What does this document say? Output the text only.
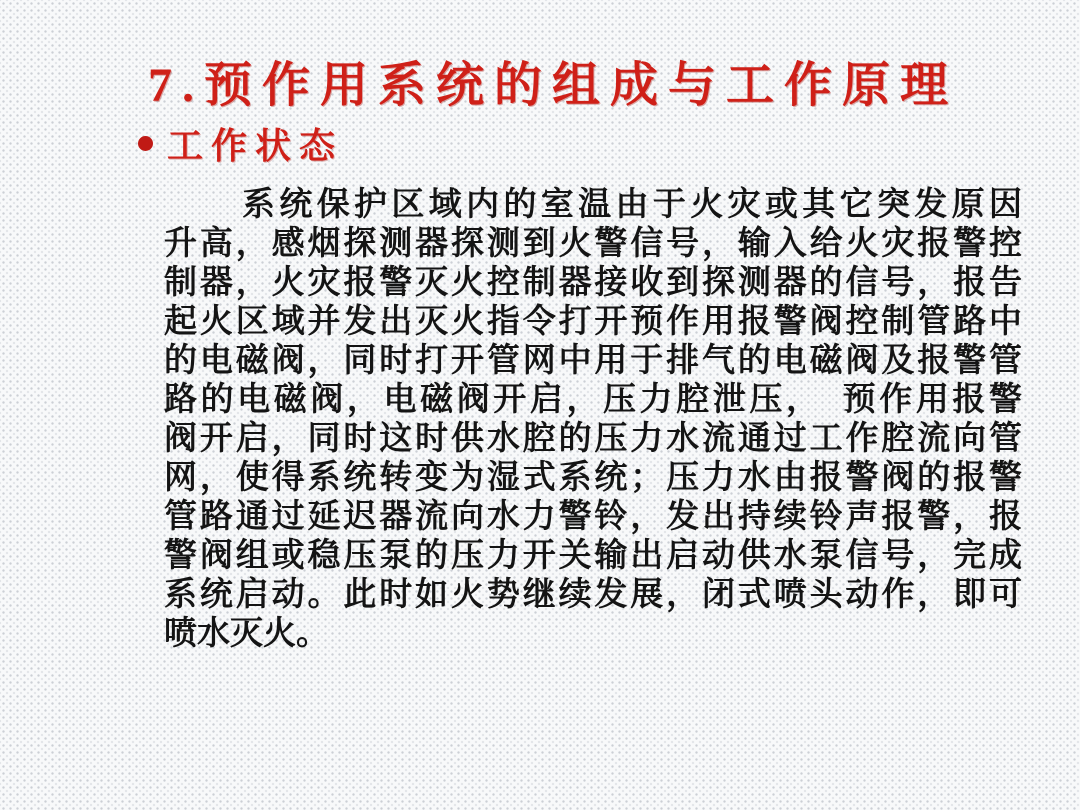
7.预作用系统的组成与工作原理
工作状态
系统保护区域内的室温由于火灾或其它突发原因
升高，感烟探测器探测到火警信号，输入给火灾报警控
制器，火灾报警灭火控制器接收到探测器的信号，报告
起火区域并发出灭火指令打开预作用报警阀控制管路中
的电磁阀，同时打开管网中用于排气的电磁阀及报警管
路的电磁阀，电磁阀开启，压力腔泄压，　预作用报警
阀开启，同时这时供水腔的压力水流通过工作腔流向管
网，使得系统转变为湿式系统；压力水由报警阀的报警
管路通过延迟器流向水力警铃，发出持续铃声报警，报
警阀组或稳压泵的压力开关输出启动供水泵信号，完成
系统启动。此时如火势继续发展，闭式喷头动作，即可
喷水灭火。
